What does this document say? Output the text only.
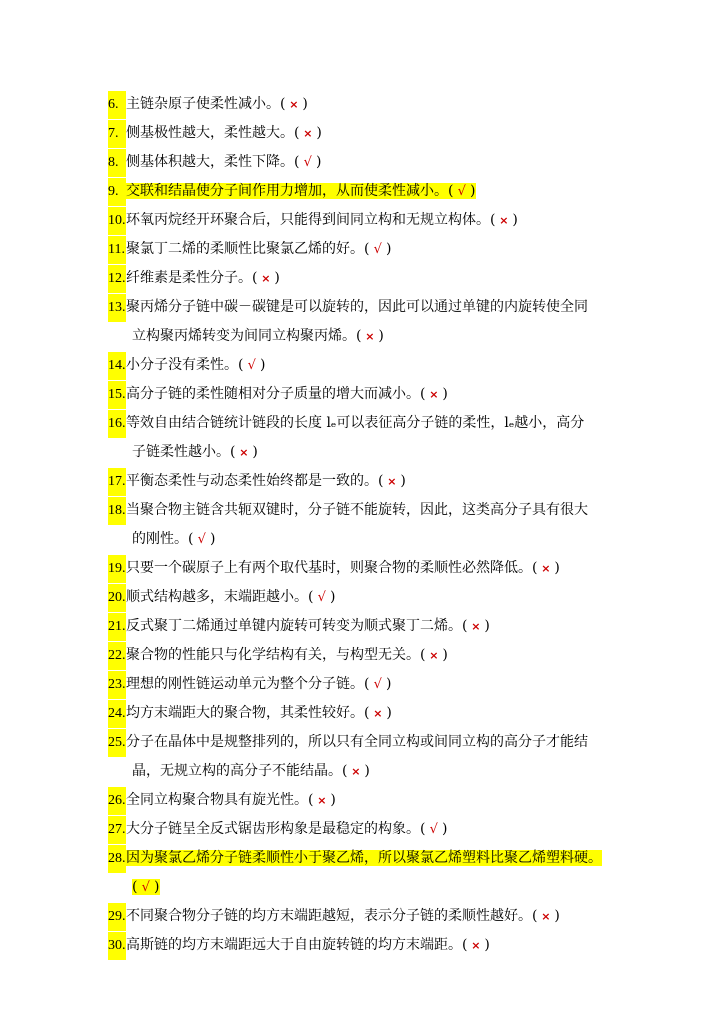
6. 主链杂原子使柔性减小。( × )
7. 侧基极性越大，柔性越大。( × )
8. 侧基体积越大，柔性下降。( √ )
9. 交联和结晶使分子间作用力增加，从而使柔性减小。( √ )
10.环氧丙烷经开环聚合后，只能得到间同立构和无规立构体。( × )
11.聚氯丁二烯的柔顺性比聚氯乙烯的好。( √ )
12.纤维素是柔性分子。( × )
13.聚丙烯分子链中碳－碳键是可以旋转的，因此可以通过单键的内旋转使全同
立构聚丙烯转变为间同立构聚丙烯。( × )
14.小分子没有柔性。( √ )
15.高分子链的柔性随相对分子质量的增大而减小。( × )
16.等效自由结合链统计链段的长度 lₑ可以表征高分子链的柔性，lₑ越小，高分
子链柔性越小。( × )
17.平衡态柔性与动态柔性始终都是一致的。( × )
18.当聚合物主链含共轭双键时，分子链不能旋转，因此，这类高分子具有很大
的刚性。( √ )
19.只要一个碳原子上有两个取代基时，则聚合物的柔顺性必然降低。( × )
20.顺式结构越多，末端距越小。( √ )
21.反式聚丁二烯通过单键内旋转可转变为顺式聚丁二烯。( × )
22.聚合物的性能只与化学结构有关，与构型无关。( × )
23.理想的刚性链运动单元为整个分子链。( √ )
24.均方末端距大的聚合物，其柔性较好。( × )
25.分子在晶体中是规整排列的，所以只有全同立构或间同立构的高分子才能结
晶，无规立构的高分子不能结晶。( × )
26.全同立构聚合物具有旋光性。( × )
27.大分子链呈全反式锯齿形构象是最稳定的构象。( √ )
28.因为聚氯乙烯分子链柔顺性小于聚乙烯，所以聚氯乙烯塑料比聚乙烯塑料硬。
( √ )
29.不同聚合物分子链的均方末端距越短，表示分子链的柔顺性越好。( × )
30.高斯链的均方末端距远大于自由旋转链的均方末端距。( × )
